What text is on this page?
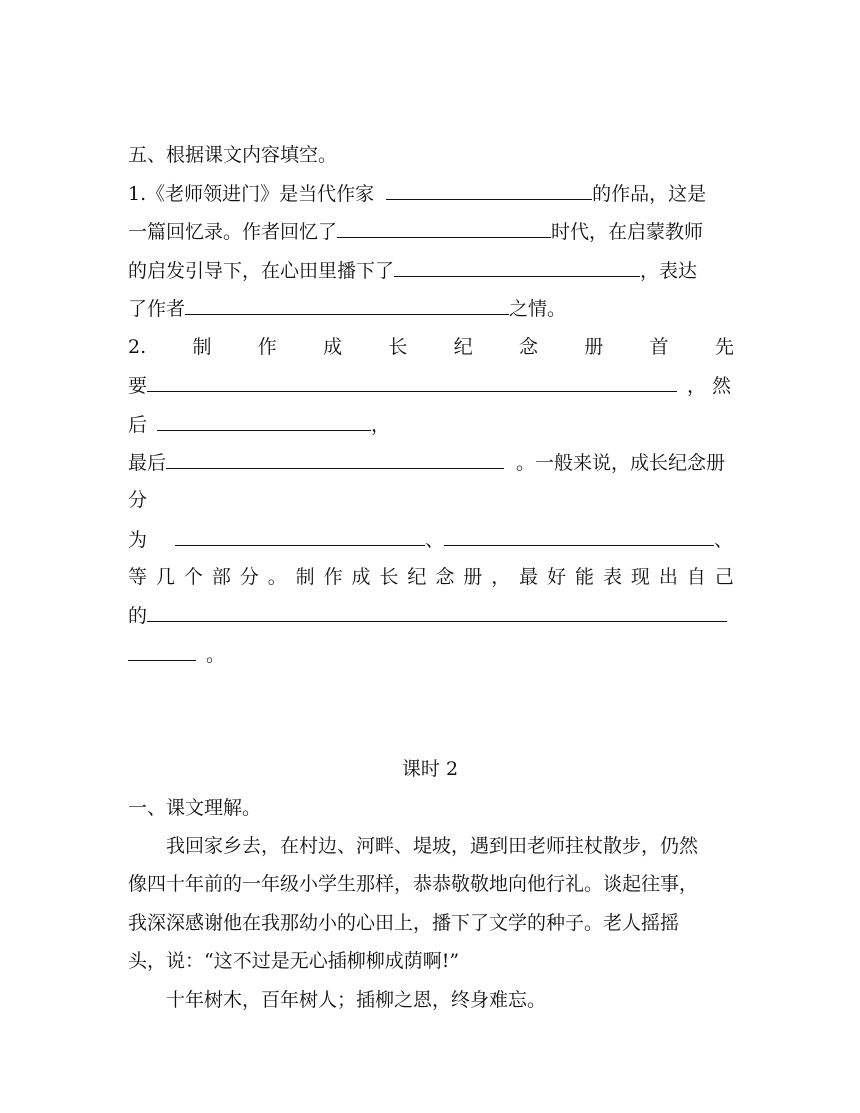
五、根据课文内容填空。
1.《老师领进门》是当代作家	的作品，这是
一篇回忆录。作者回忆了	时代，在启蒙教师
的启发引导下，在心田里播下了	，表达
了作者	之情。
2. 制 作 成 长 纪 念 册 首 先
要	， 然
后	，
最后	。一般来说，成长纪念册
分
为	、	、
等 几 个 部 分 。 制 作 成 长 纪 念 册 ， 最 好 能 表 现 出 自 己
的
。
课时 2
一、课文理解。
我回家乡去，在村边、河畔、堤坡，遇到田老师拄杖散步，仍然
像四十年前的一年级小学生那样，恭恭敬敬地向他行礼。谈起往事，
我深深感谢他在我那幼小的心田上，播下了文学的种子。老人摇摇
头，说：“这不过是无心插柳柳成荫啊!”
十年树木，百年树人；插柳之恩，终身难忘。
